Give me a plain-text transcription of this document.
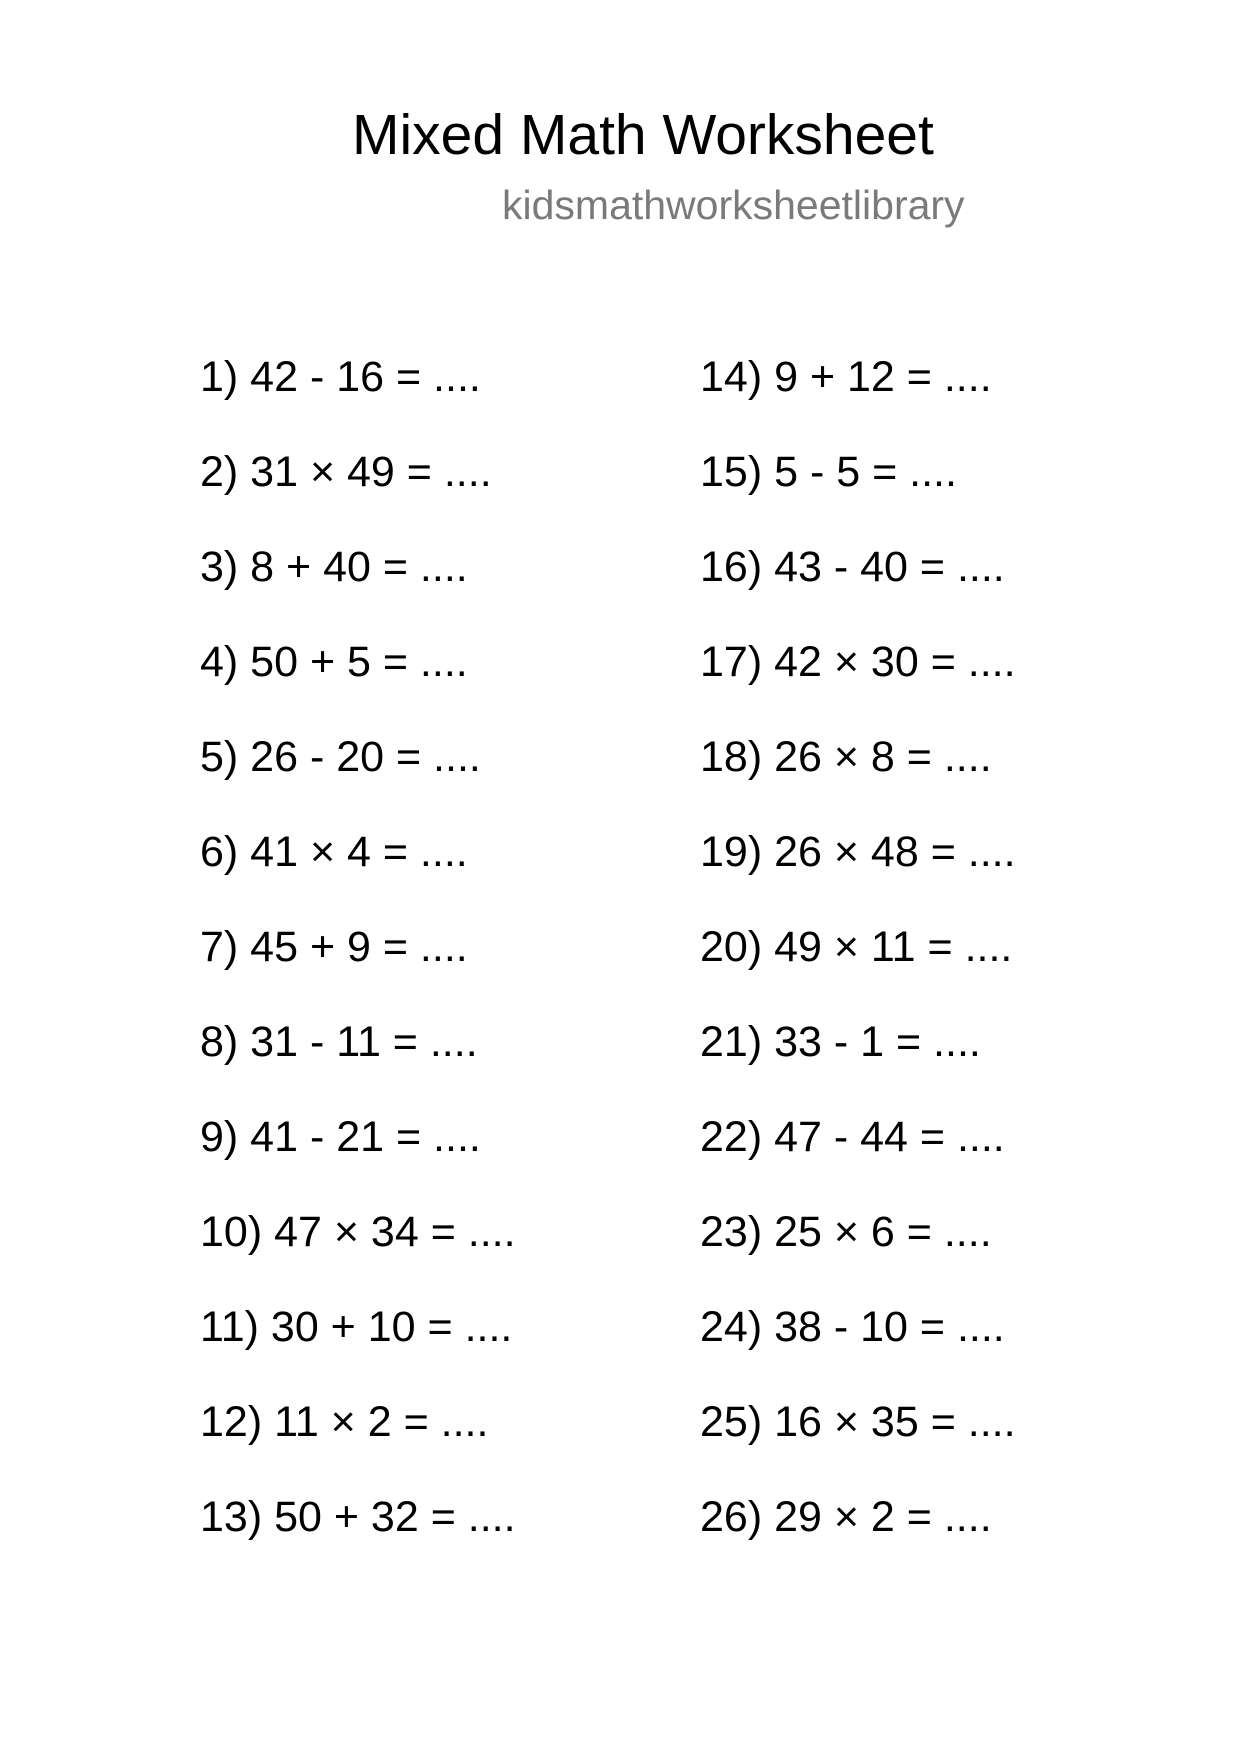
Mixed Math Worksheet
kidsmathworksheetlibrary
1) 42 - 16 = ....
2) 31 × 49 = ....
3) 8 + 40 = ....
4) 50 + 5 = ....
5) 26 - 20 = ....
6) 41 × 4 = ....
7) 45 + 9 = ....
8) 31 - 11 = ....
9) 41 - 21 = ....
10) 47 × 34 = ....
11) 30 + 10 = ....
12) 11 × 2 = ....
13) 50 + 32 = ....
14) 9 + 12 = ....
15) 5 - 5 = ....
16) 43 - 40 = ....
17) 42 × 30 = ....
18) 26 × 8 = ....
19) 26 × 48 = ....
20) 49 × 11 = ....
21) 33 - 1 = ....
22) 47 - 44 = ....
23) 25 × 6 = ....
24) 38 - 10 = ....
25) 16 × 35 = ....
26) 29 × 2 = ....
